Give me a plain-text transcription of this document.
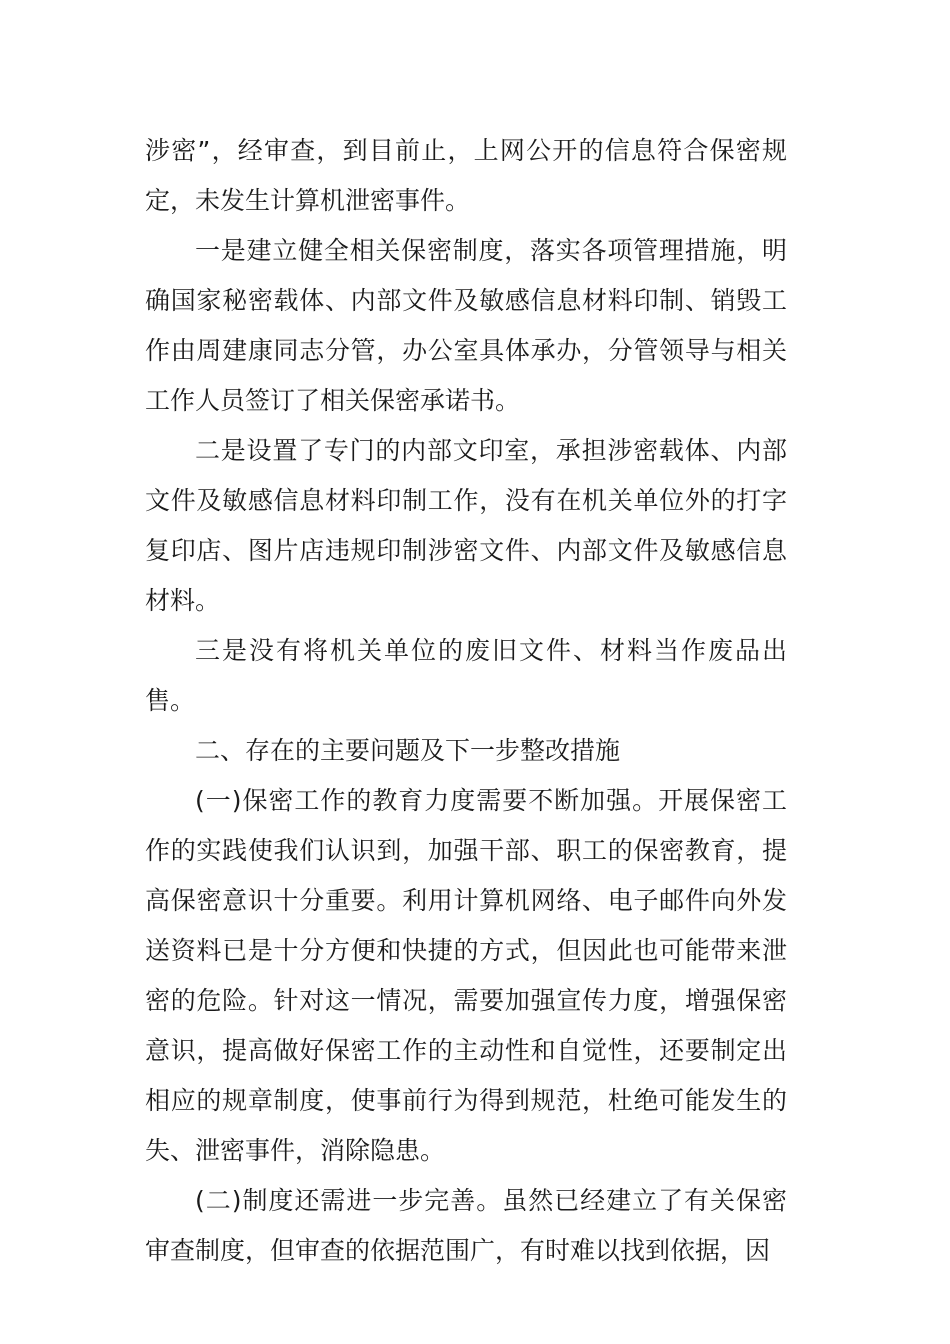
涉密”，经审查，到目前止，上网公开的信息符合保密规定，未发生计算机泄密事件。

一是建立健全相关保密制度，落实各项管理措施，明确国家秘密载体、内部文件及敏感信息材料印制、销毁工作由周建康同志分管，办公室具体承办，分管领导与相关工作人员签订了相关保密承诺书。

二是设置了专门的内部文印室，承担涉密载体、内部文件及敏感信息材料印制工作，没有在机关单位外的打字复印店、图片店违规印制涉密文件、内部文件及敏感信息材料。

三是没有将机关单位的废旧文件、材料当作废品出售。

二、存在的主要问题及下一步整改措施

(一)保密工作的教育力度需要不断加强。开展保密工作的实践使我们认识到，加强干部、职工的保密教育，提高保密意识十分重要。利用计算机网络、电子邮件向外发送资料已是十分方便和快捷的方式，但因此也可能带来泄密的危险。针对这一情况，需要加强宣传力度，增强保密意识，提高做好保密工作的主动性和自觉性，还要制定出相应的规章制度，使事前行为得到规范，杜绝可能发生的失、泄密事件，消除隐患。

(二)制度还需进一步完善。虽然已经建立了有关保密审查制度，但审查的依据范围广，有时难以找到依据，因
